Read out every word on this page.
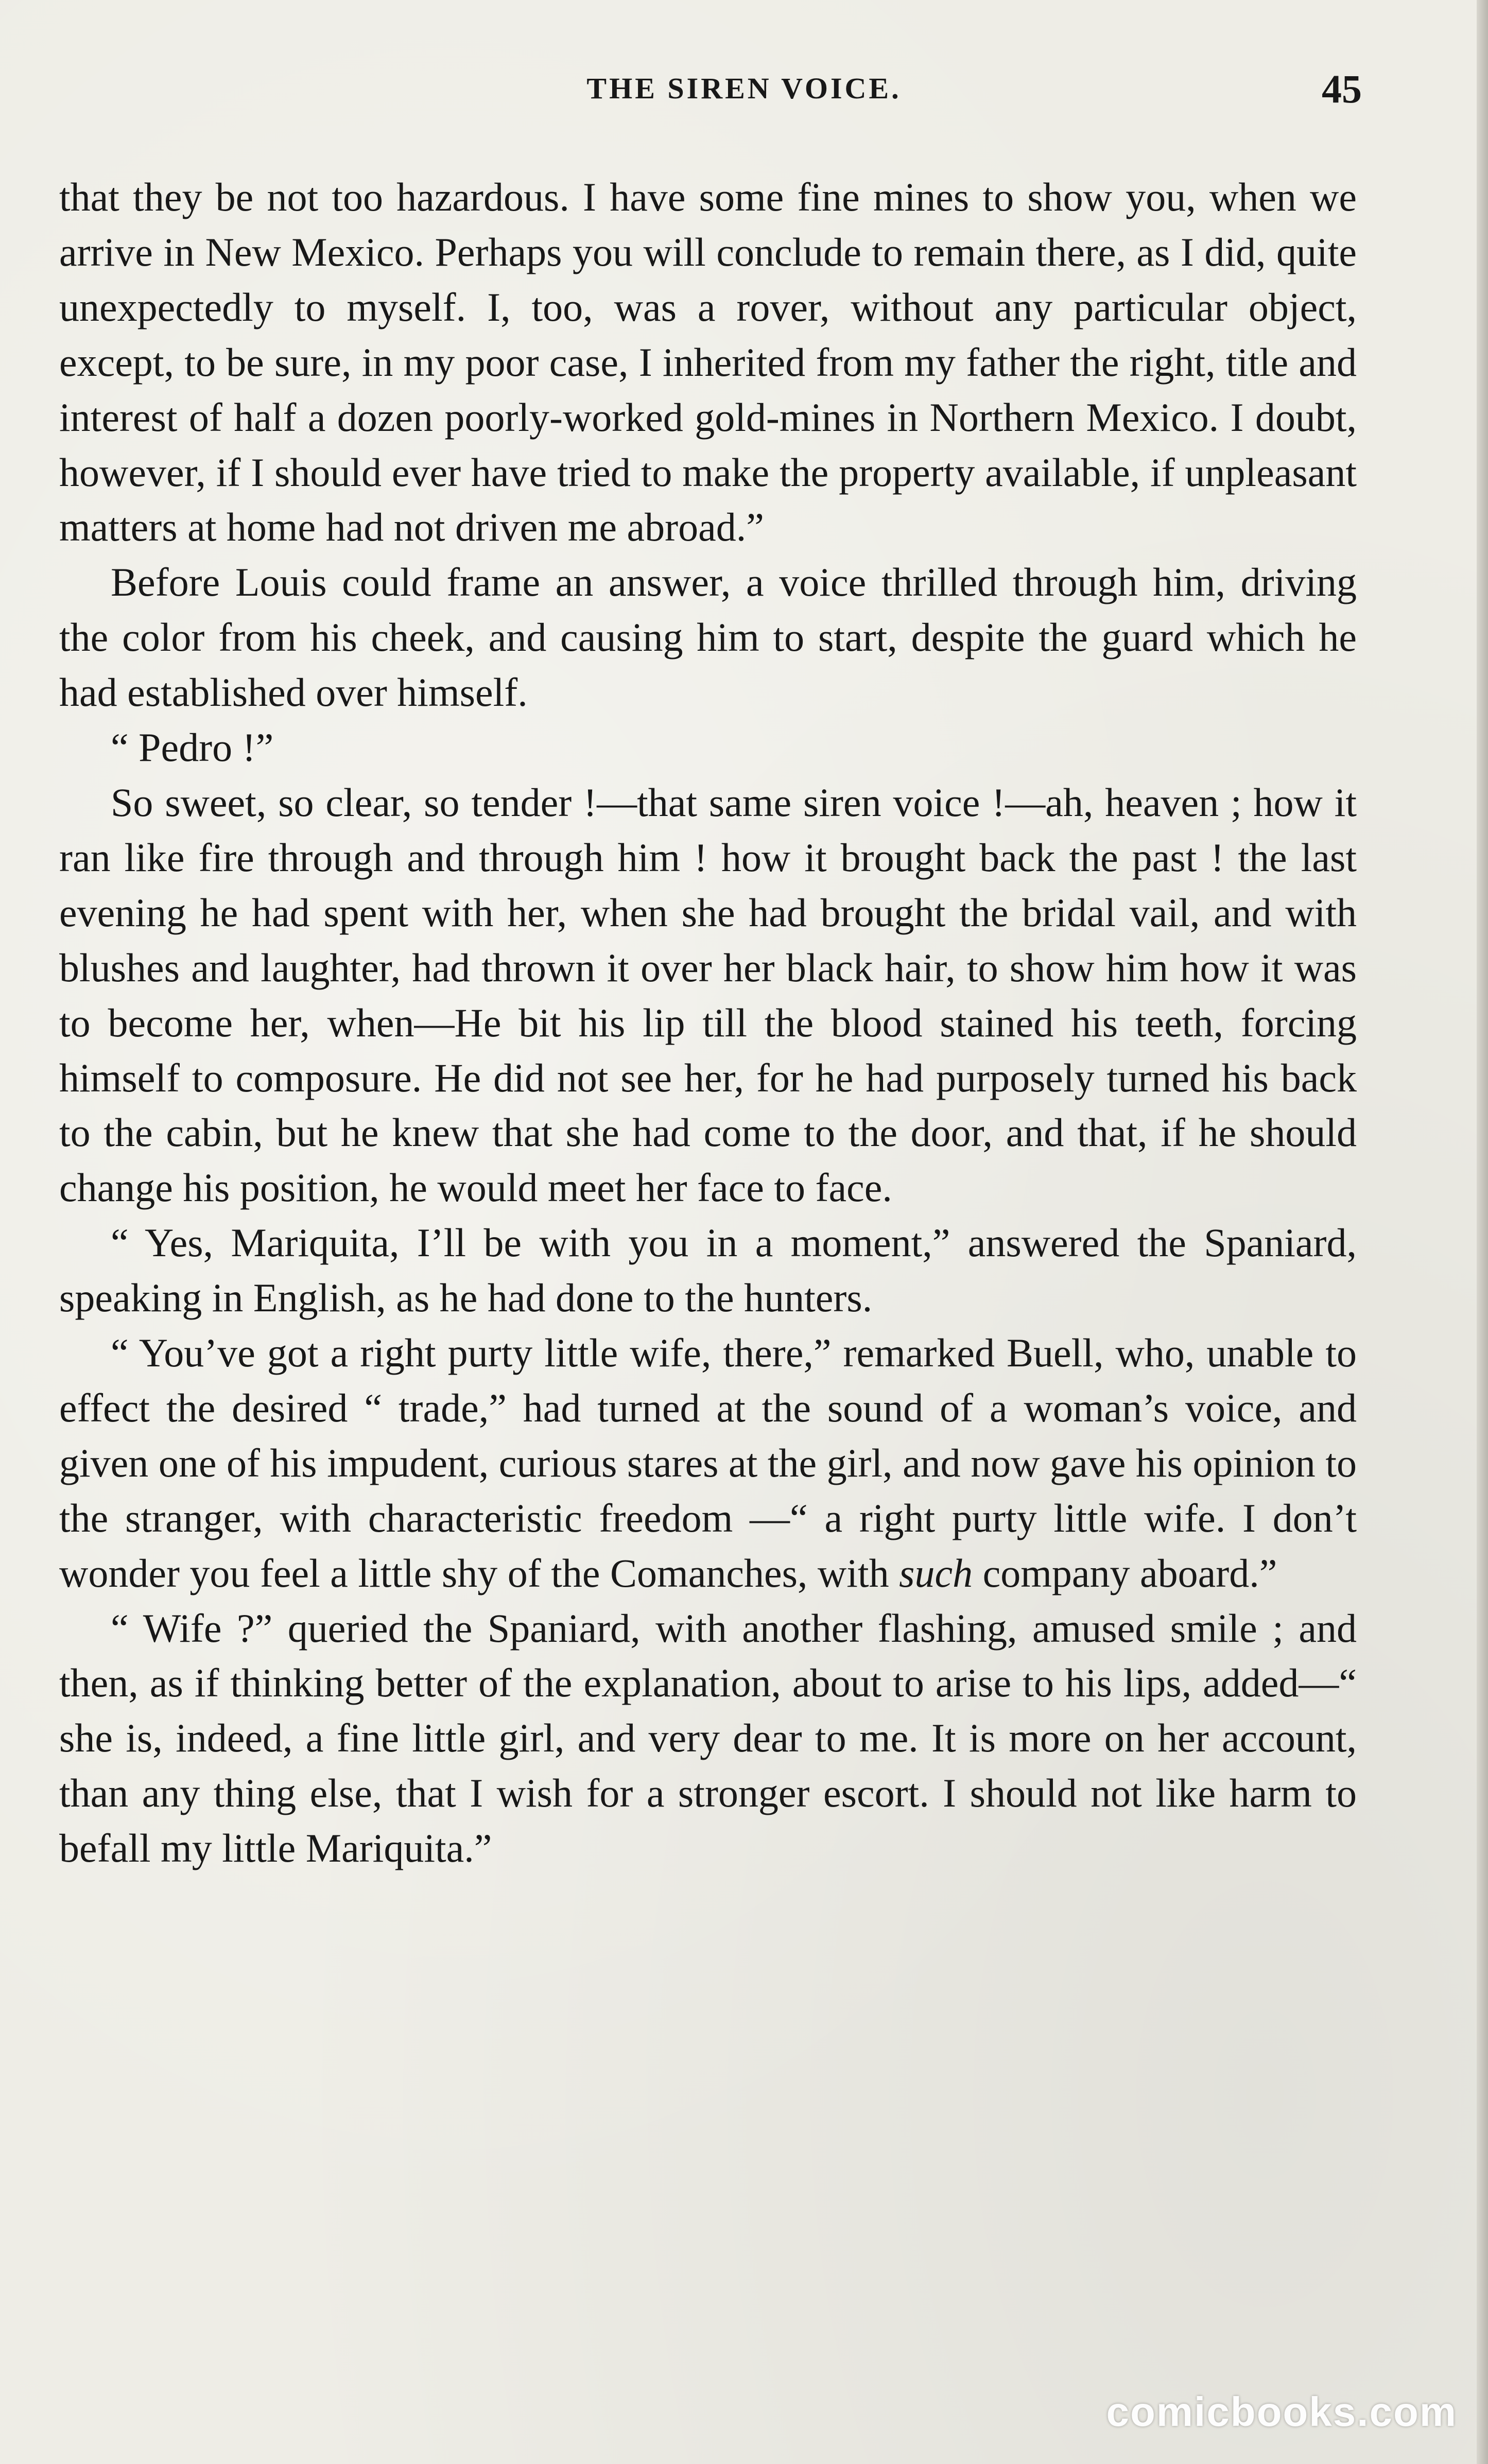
THE SIREN VOICE.	45

that they be not too hazardous. I have some fine mines to show you, when we arrive in New Mexico. Perhaps you will conclude to remain there, as I did, quite unexpectedly to myself. I, too, was a rover, without any particular object, except, to be sure, in my poor case, I inherited from my father the right, title and interest of half a dozen poorly-worked gold-mines in Northern Mexico. I doubt, however, if I should ever have tried to make the property available, if unpleasant matters at home had not driven me abroad.”

Before Louis could frame an answer, a voice thrilled through him, driving the color from his cheek, and causing him to start, despite the guard which he had established over himself.

“ Pedro !”

So sweet, so clear, so tender !—that same siren voice !—ah, heaven ; how it ran like fire through and through him ! how it brought back the past ! the last evening he had spent with her, when she had brought the bridal vail, and with blushes and laughter, had thrown it over her black hair, to show him how it was to become her, when—He bit his lip till the blood stained his teeth, forcing himself to composure. He did not see her, for he had purposely turned his back to the cabin, but he knew that she had come to the door, and that, if he should change his position, he would meet her face to face.

“ Yes, Mariquita, I’ll be with you in a moment,” answered the Spaniard, speaking in English, as he had done to the hunters.

“ You’ve got a right purty little wife, there,” remarked Buell, who, unable to effect the desired “ trade,” had turned at the sound of a woman’s voice, and given one of his impudent, curious stares at the girl, and now gave his opinion to the stranger, with characteristic freedom —“ a right purty little wife. I don’t wonder you feel a little shy of the Comanches, with such company aboard.”

“ Wife ?” queried the Spaniard, with another flashing, amused smile ; and then, as if thinking better of the explanation, about to arise to his lips, added—“ she is, indeed, a fine little girl, and very dear to me. It is more on her account, than any thing else, that I wish for a stronger escort. I should not like harm to befall my little Mariquita.”

comicbooks.com
